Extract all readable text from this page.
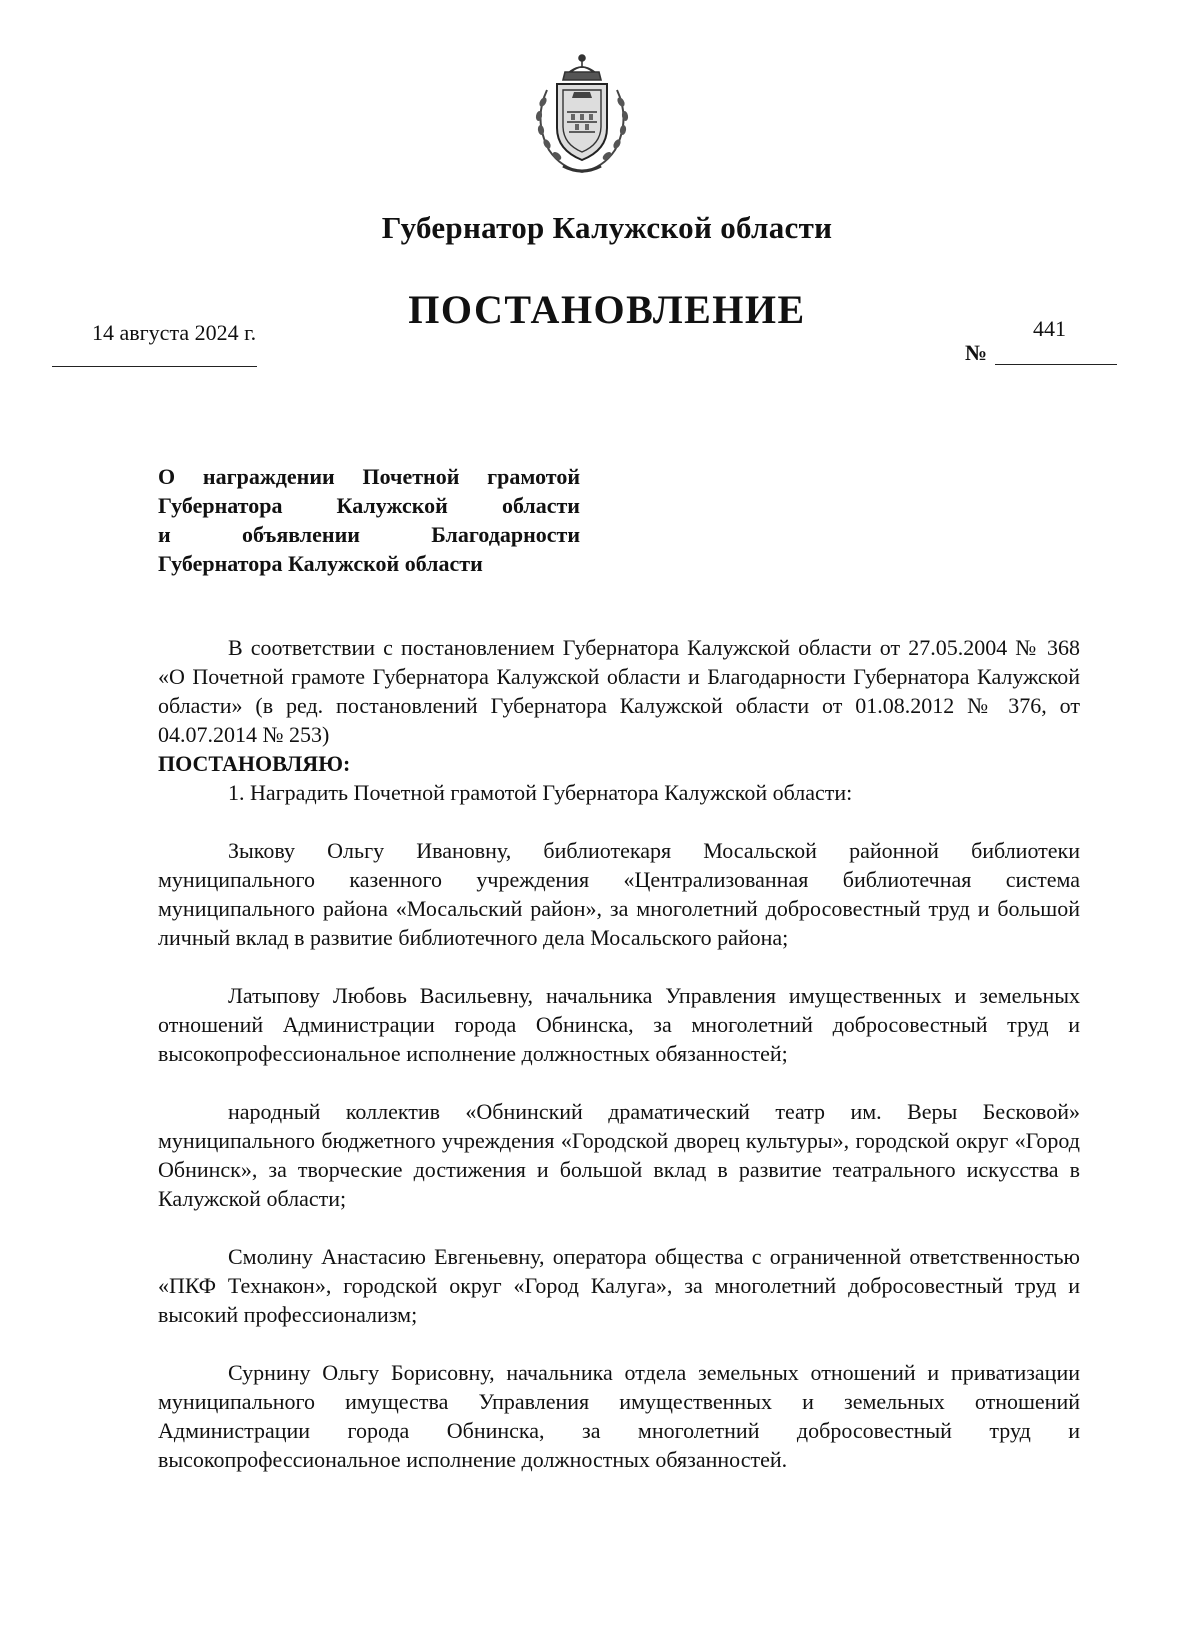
Губернатор Калужской области
ПОСТАНОВЛЕНИЕ
14 августа 2024 г.	441
№
О награждении Почетной грамотой
Губернатора Калужской области
и объявлении Благодарности
Губернатора Калужской области

В соответствии с постановлением Губернатора Калужской области от 27.05.2004 № 368 «О Почетной грамоте Губернатора Калужской области и Благодарности Губернатора Калужской области» (в ред. постановлений Губернатора Калужской области от 01.08.2012 № 376, от 04.07.2014 № 253)

ПОСТАНОВЛЯЮ:

1. Наградить Почетной грамотой Губернатора Калужской области:

Зыкову Ольгу Ивановну, библиотекаря Мосальской районной библиотеки муниципального казенного учреждения «Централизованная библиотечная система муниципального района «Мосальский район», за многолетний добросовестный труд и большой личный вклад в развитие библиотечного дела Мосальского района;

Латыпову Любовь Васильевну, начальника Управления имущественных и земельных отношений Администрации города Обнинска, за многолетний добросовестный труд и высокопрофессиональное исполнение должностных обязанностей;

народный коллектив «Обнинский драматический театр им. Веры Бесковой» муниципального бюджетного учреждения «Городской дворец культуры», городской округ «Город Обнинск», за творческие достижения и большой вклад в развитие театрального искусства в Калужской области;

Смолину Анастасию Евгеньевну, оператора общества с ограниченной ответственностью «ПКФ Технакон», городской округ «Город Калуга», за многолетний добросовестный труд и высокий профессионализм;

Сурнину Ольгу Борисовну, начальника отдела земельных отношений и приватизации муниципального имущества Управления имущественных и земельных отношений Администрации города Обнинска, за многолетний добросовестный труд и высокопрофессиональное исполнение должностных обязанностей.
